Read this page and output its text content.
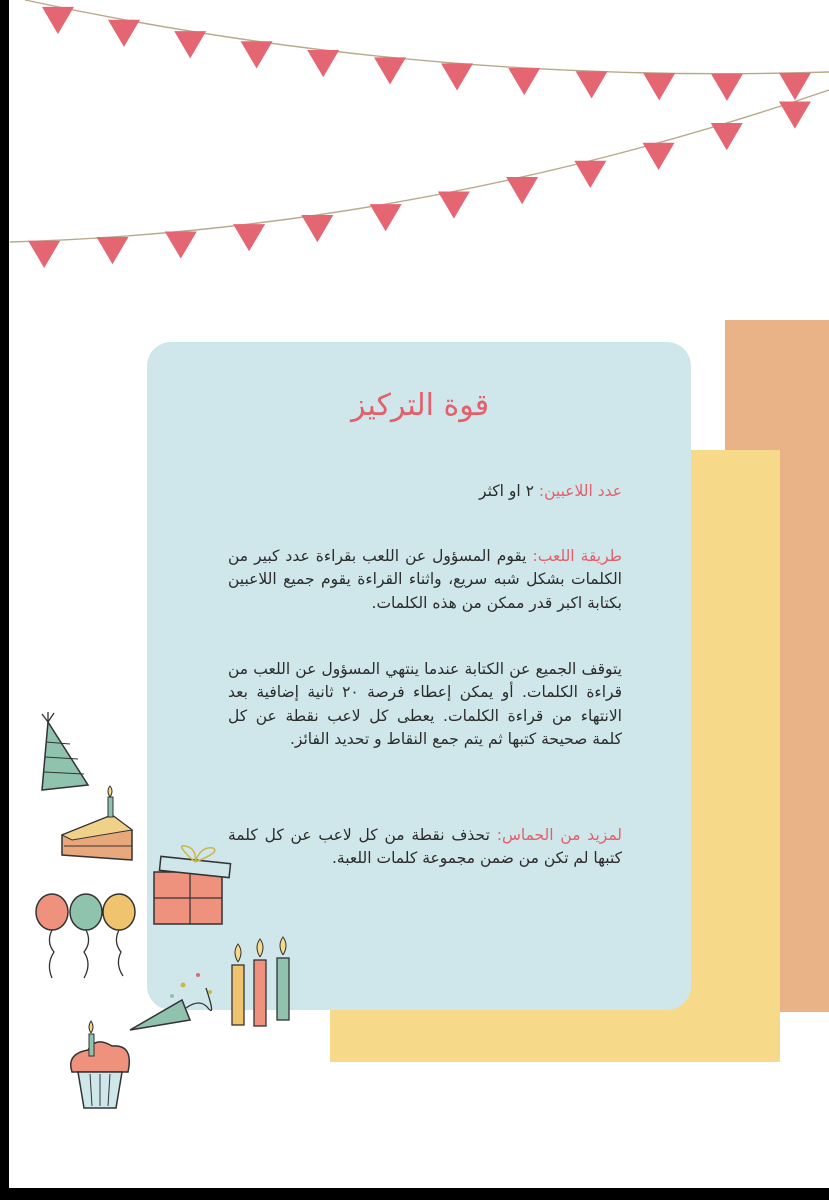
قوة التركيز
عدد اللاعبين: ٢ او اكثر
طريقة اللعب: يقوم المسؤول عن اللعب بقراءة عدد كبير من الكلمات بشكل شبه سريع، واثناء القراءة يقوم جميع اللاعبين بكتابة اكبر قدر ممكن من هذه الكلمات.
يتوقف الجميع عن الكتابة عندما ينتهي المسؤول عن اللعب من قراءة الكلمات. أو يمكن إعطاء فرصة ٢٠ ثانية إضافية بعد الانتهاء من قراءة الكلمات. يعطى كل لاعب نقطة عن كل كلمة صحيحة كتبها ثم يتم جمع النقاط و تحديد الفائز.
لمزيد من الحماس: تحذف نقطة من كل لاعب عن كل كلمة كتبها لم تكن من ضمن مجموعة كلمات اللعبة.
